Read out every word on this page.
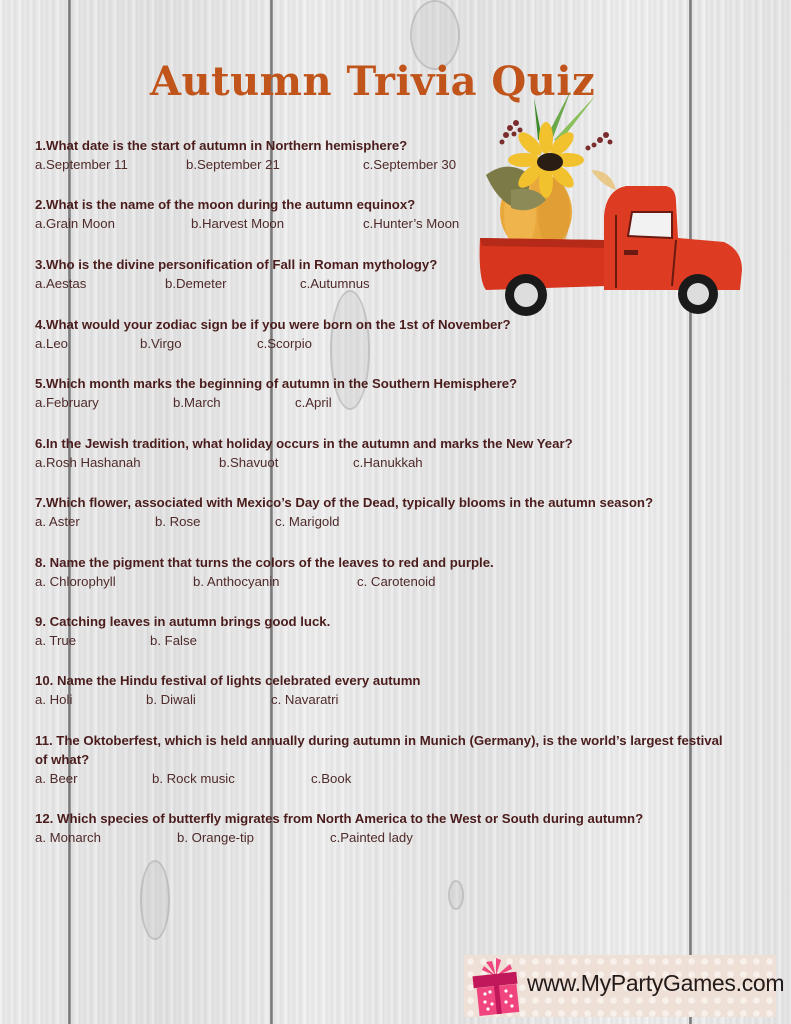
Autumn Trivia Quiz
1.What date is the start of autumn in Northern hemisphere?
a.September 11	b.September 21	c.September 30
2.What is the name of the moon during the autumn equinox?
a.Grain Moon	b.Harvest Moon	c.Hunter’s Moon
3.Who is the divine personification of Fall in Roman mythology?
a.Aestas	b.Demeter	c.Autumnus
4.What would your zodiac sign be if you were born on the 1st of November?
a.Leo	b.Virgo	c.Scorpio
5.Which month marks the beginning of autumn in the Southern Hemisphere?
a.February	b.March	c.April
6.In the Jewish tradition, what holiday occurs in the autumn and marks the New Year?
a.Rosh Hashanah	b.Shavuot	c.Hanukkah
7.Which flower, associated with Mexico’s Day of the Dead, typically blooms in the autumn season?
a. Aster	b. Rose	c. Marigold
8. Name the pigment that turns the colors of the leaves to red and purple.
a. Chlorophyll	b. Anthocyanin	c. Carotenoid
9. Catching leaves in autumn brings good luck.
a. True	b. False
10. Name the Hindu festival of lights celebrated every autumn
a. Holi	b. Diwali	c. Navaratri
11. The Oktoberfest, which is held annually during autumn in Munich (Germany), is the world’s largest festival of what?
a. Beer	b. Rock music	c.Book
12. Which species of butterfly migrates from North America to the West or South during autumn?
a. Monarch	b. Orange-tip	c.Painted lady
www.MyPartyGames.com
